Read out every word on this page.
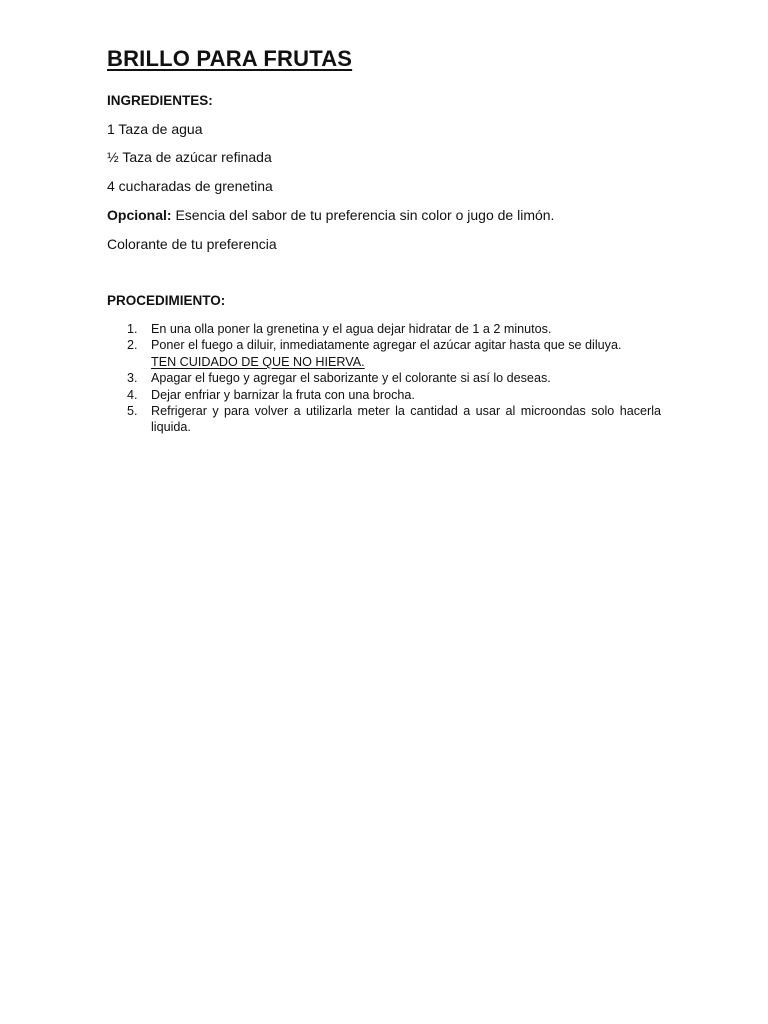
BRILLO PARA FRUTAS
INGREDIENTES:

1 Taza de agua

½ Taza de azúcar refinada

4 cucharadas de grenetina

Opcional: Esencia del sabor de tu preferencia sin color o jugo de limón.

Colorante de tu preferencia

PROCEDIMIENTO:
1. En una olla poner la grenetina y el agua dejar hidratar de 1 a 2 minutos.
2. Poner el fuego a diluir, inmediatamente agregar el azúcar agitar hasta que se diluya.
TEN CUIDADO DE QUE NO HIERVA.
3. Apagar el fuego y agregar el saborizante y el colorante si así lo deseas.
4. Dejar enfriar y barnizar la fruta con una brocha.
5. Refrigerar y para volver a utilizarla meter la cantidad a usar al microondas solo hacerla liquida.
